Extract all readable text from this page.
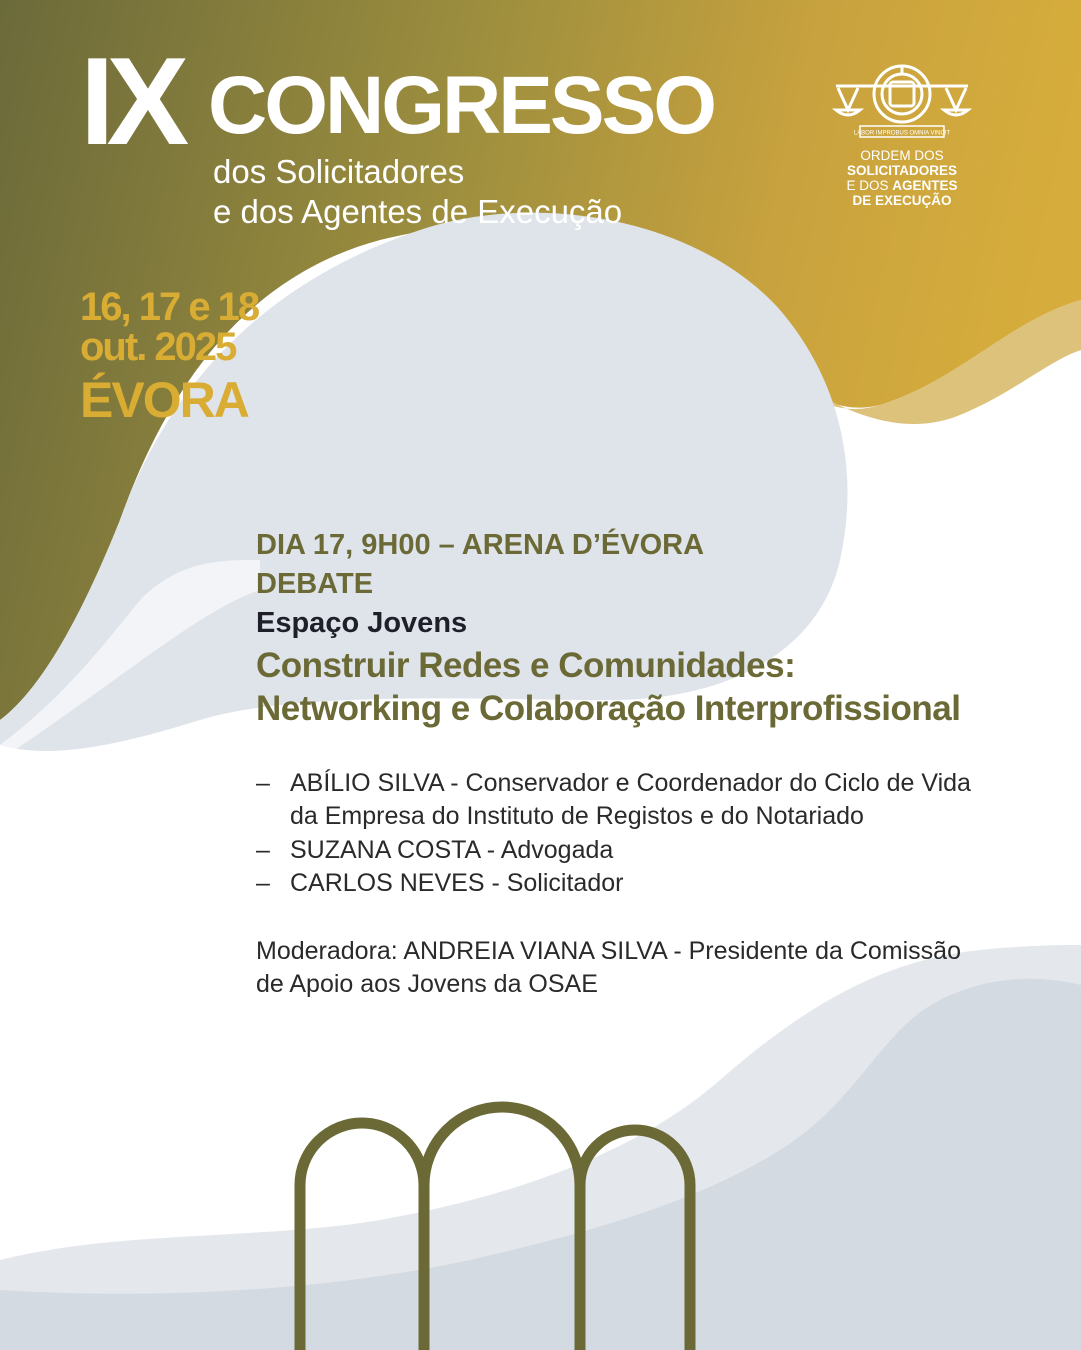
IX CONGRESSO
dos Solicitadores
e dos Agentes de Execução
16, 17 e 18
out. 2025
ÉVORA
LABOR IMPROBUS OMNIA VINCIT
ORDEM DOS
SOLICITADORES
E DOS AGENTES
DE EXECUÇÃO
DIA 17, 9H00 – ARENA D’ÉVORA
DEBATE
Espaço Jovens
Construir Redes e Comunidades:
Networking e Colaboração Interprofissional
– ABÍLIO SILVA - Conservador e Coordenador do Ciclo de Vida
da Empresa do Instituto de Registos e do Notariado
– SUZANA COSTA - Advogada
– CARLOS NEVES - Solicitador
Moderadora: ANDREIA VIANA SILVA - Presidente da Comissão
de Apoio aos Jovens da OSAE
